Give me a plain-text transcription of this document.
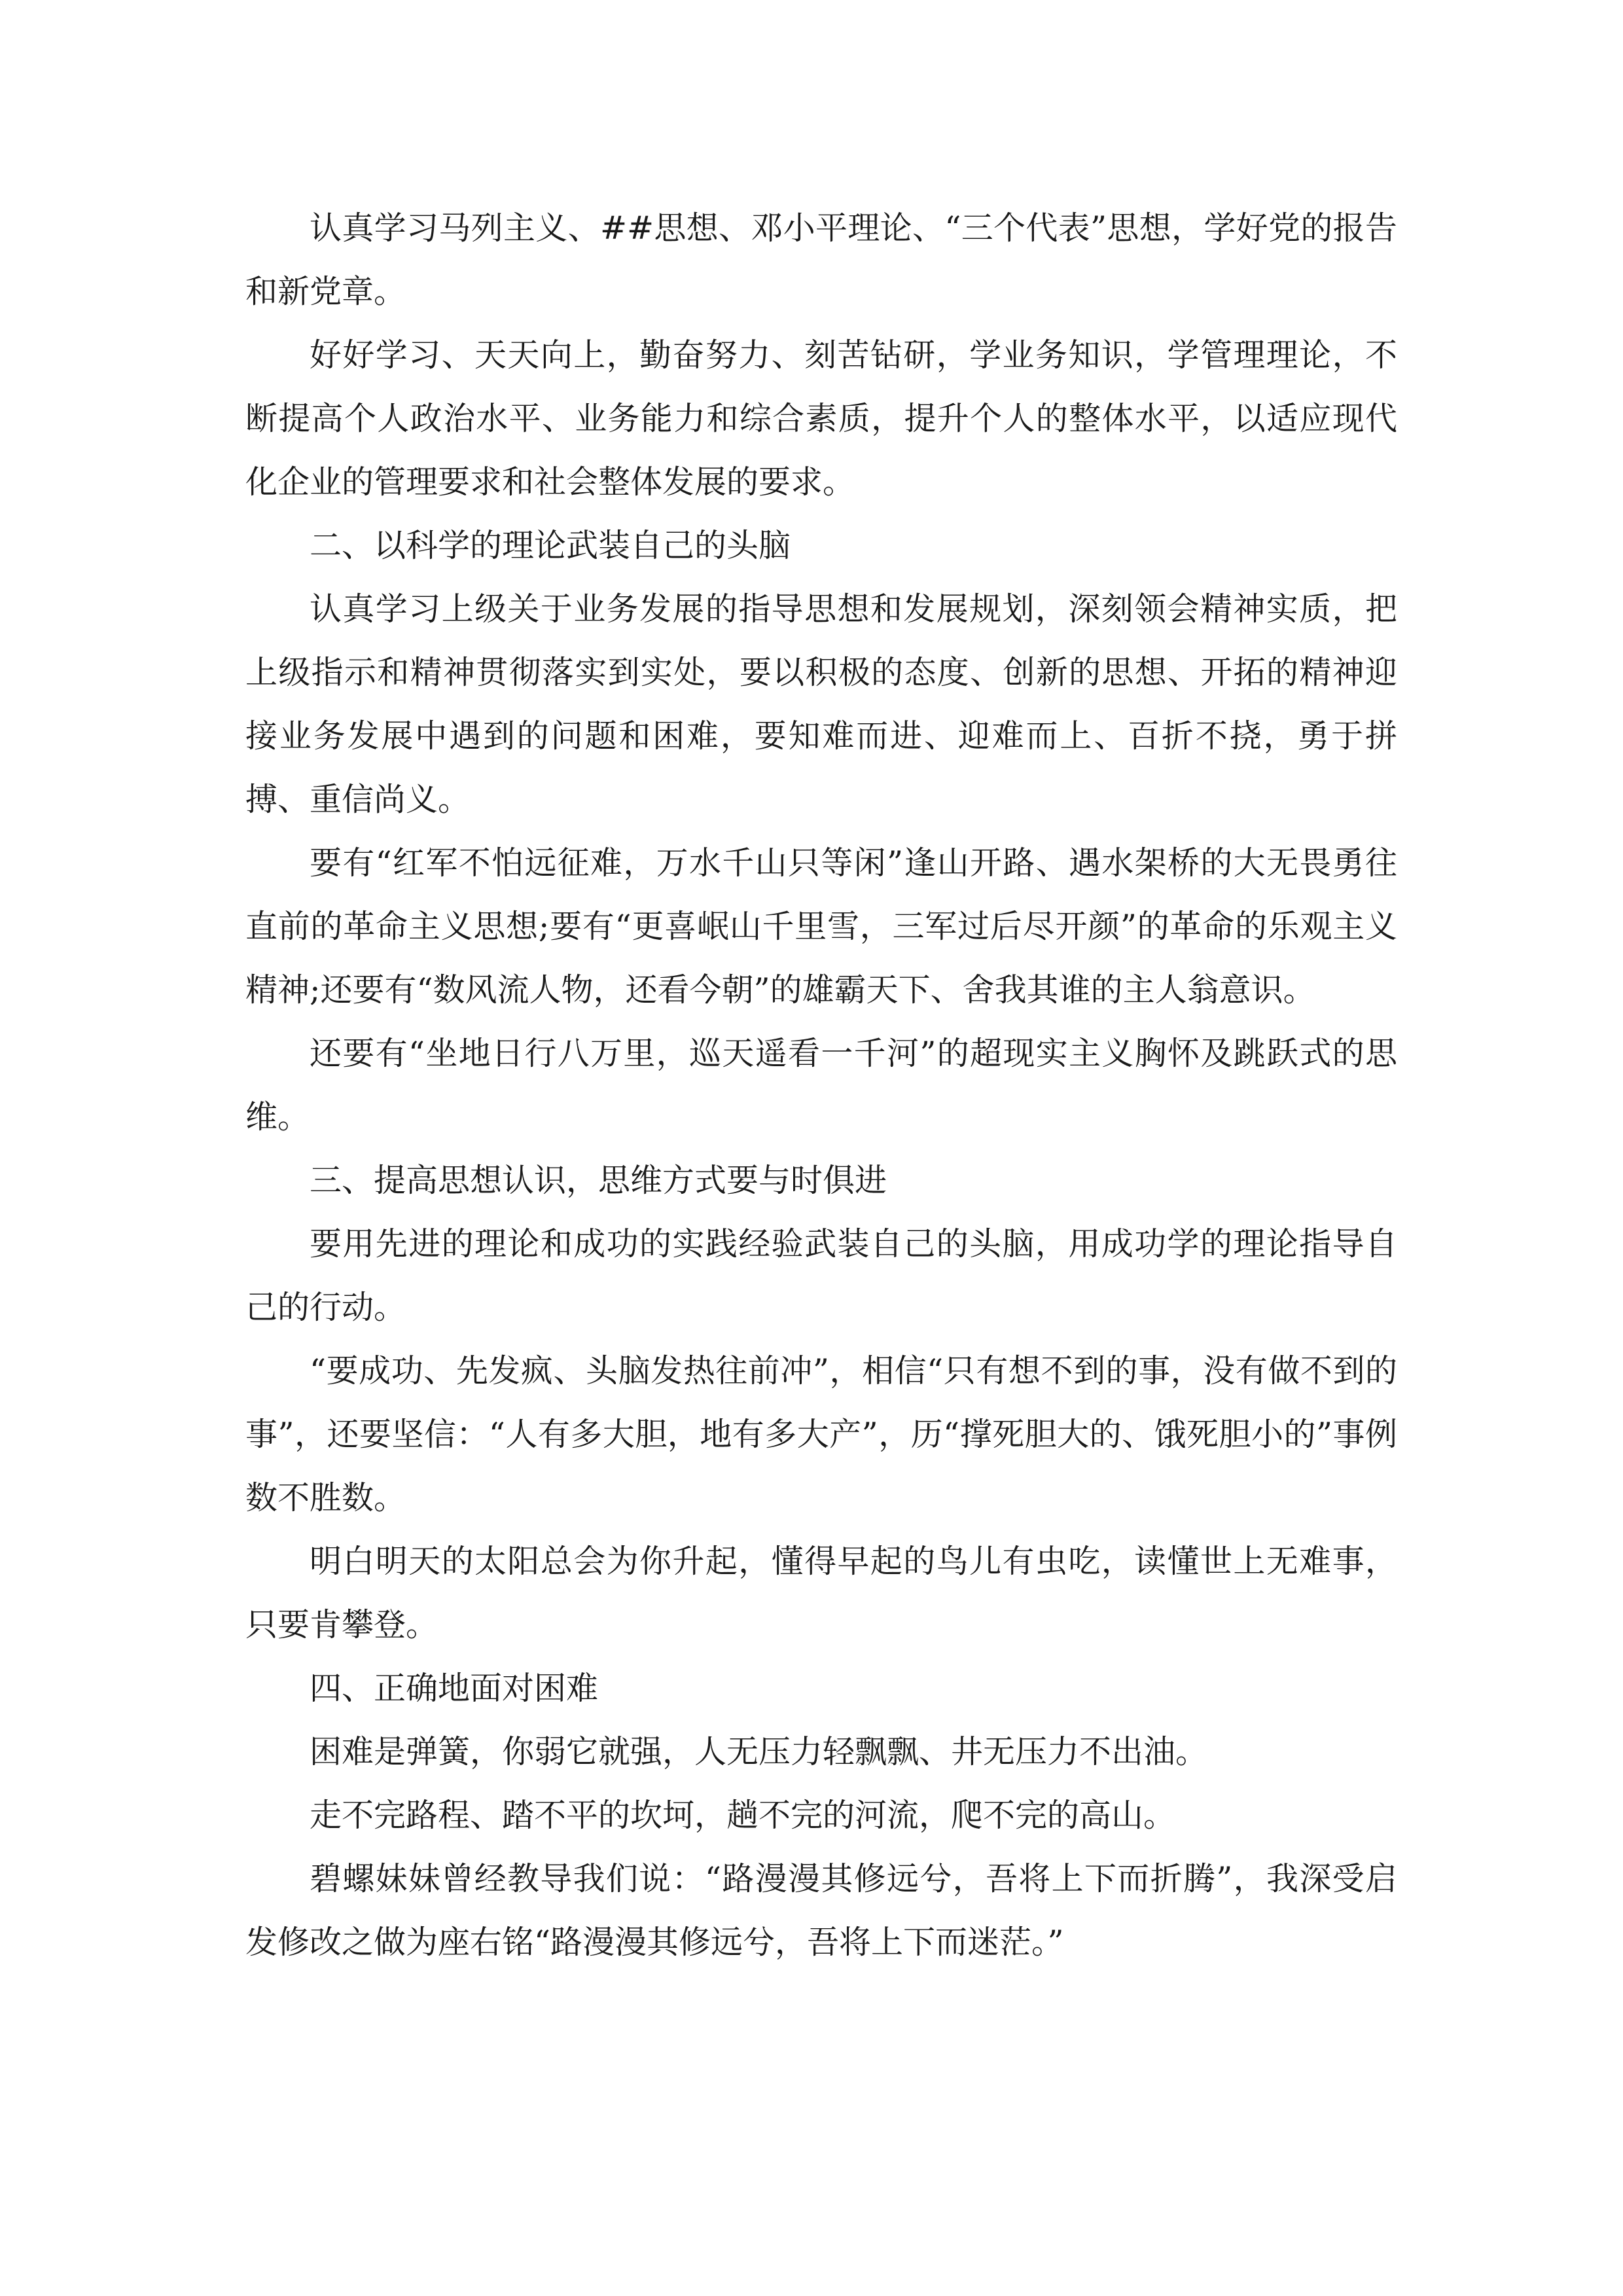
认真学习马列主义、##思想、邓小平理论、“三个代表”思想，学好党的报告和新党章。

好好学习、天天向上，勤奋努力、刻苦钻研，学业务知识，学管理理论，不断提高个人政治水平、业务能力和综合素质，提升个人的整体水平，以适应现代化企业的管理要求和社会整体发展的要求。

二、以科学的理论武装自己的头脑

认真学习上级关于业务发展的指导思想和发展规划，深刻领会精神实质，把上级指示和精神贯彻落实到实处，要以积极的态度、创新的思想、开拓的精神迎接业务发展中遇到的问题和困难，要知难而进、迎难而上、百折不挠，勇于拼搏、重信尚义。

要有“红军不怕远征难，万水千山只等闲”逢山开路、遇水架桥的大无畏勇往直前的革命主义思想;要有“更喜岷山千里雪，三军过后尽开颜”的革命的乐观主义精神;还要有“数风流人物，还看今朝”的雄霸天下、舍我其谁的主人翁意识。

还要有“坐地日行八万里，巡天遥看一千河”的超现实主义胸怀及跳跃式的思维。

三、提高思想认识，思维方式要与时俱进

要用先进的理论和成功的实践经验武装自己的头脑，用成功学的理论指导自己的行动。

“要成功、先发疯、头脑发热往前冲”，相信“只有想不到的事，没有做不到的事”，还要坚信：“人有多大胆，地有多大产”，历“撑死胆大的、饿死胆小的”事例数不胜数。

明白明天的太阳总会为你升起，懂得早起的鸟儿有虫吃，读懂世上无难事，只要肯攀登。

四、正确地面对困难

困难是弹簧，你弱它就强，人无压力轻飘飘、井无压力不出油。

走不完路程、踏不平的坎坷，趟不完的河流，爬不完的高山。

碧螺妹妹曾经教导我们说：“路漫漫其修远兮，吾将上下而折腾”，我深受启发修改之做为座右铭“路漫漫其修远兮，吾将上下而迷茫。”
